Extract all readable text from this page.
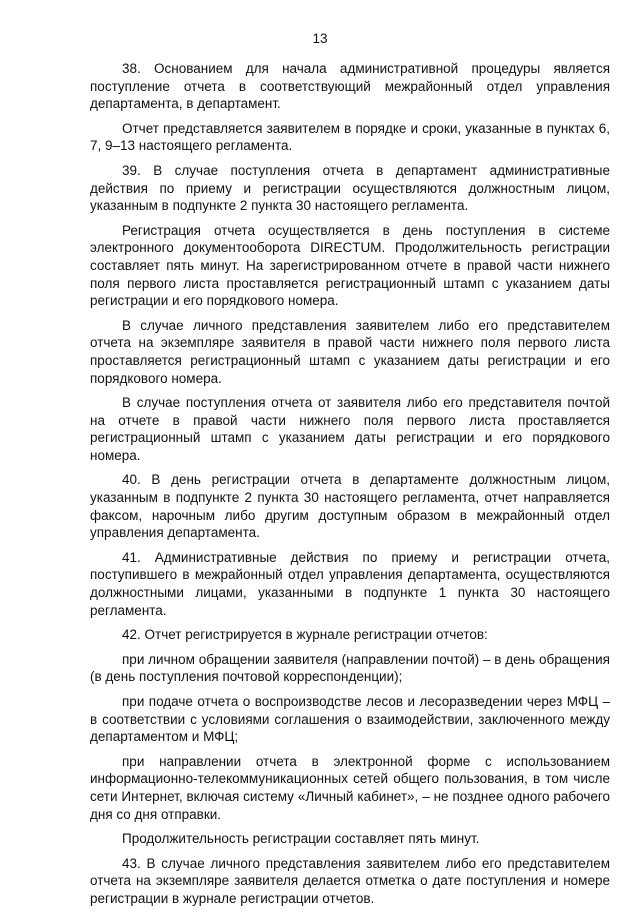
13

38. Основанием для начала административной процедуры является поступление отчета в соответствующий межрайонный отдел управления департамента, в департамент.

Отчет представляется заявителем в порядке и сроки, указанные в пунктах 6, 7, 9–13 настоящего регламента.

39. В случае поступления отчета в департамент административные действия по приему и регистрации осуществляются должностным лицом, указанным в подпункте 2 пункта 30 настоящего регламента.

Регистрация отчета осуществляется в день поступления в системе электронного документооборота DIRECTUM. Продолжительность регистрации составляет пять минут. На зарегистрированном отчете в правой части нижнего поля первого листа проставляется регистрационный штамп с указанием даты регистрации и его порядкового номера.

В случае личного представления заявителем либо его представителем отчета на экземпляре заявителя в правой части нижнего поля первого листа проставляется регистрационный штамп с указанием даты регистрации и его порядкового номера.

В случае поступления отчета от заявителя либо его представителя почтой на отчете в правой части нижнего поля первого листа проставляется регистрационный штамп с указанием даты регистрации и его порядкового номера.

40. В день регистрации отчета в департаменте должностным лицом, указанным в подпункте 2 пункта 30 настоящего регламента, отчет направляется факсом, нарочным либо другим доступным образом в межрайонный отдел управления департамента.

41. Административные действия по приему и регистрации отчета, поступившего в межрайонный отдел управления департамента, осуществляются должностными лицами, указанными в подпункте 1 пункта 30 настоящего регламента.

42. Отчет регистрируется в журнале регистрации отчетов:

при личном обращении заявителя (направлении почтой) – в день обращения (в день поступления почтовой корреспонденции);

при подаче отчета о воспроизводстве лесов и лесоразведении через МФЦ – в соответствии с условиями соглашения о взаимодействии, заключенного между департаментом и МФЦ;

при направлении отчета в электронной форме с использованием информационно-телекоммуникационных сетей общего пользования, в том числе сети Интернет, включая систему «Личный кабинет», – не позднее одного рабочего дня со дня отправки.

Продолжительность регистрации составляет пять минут.

43. В случае личного представления заявителем либо его представителем отчета на экземпляре заявителя делается отметка о дате поступления и номере регистрации в журнале регистрации отчетов.
